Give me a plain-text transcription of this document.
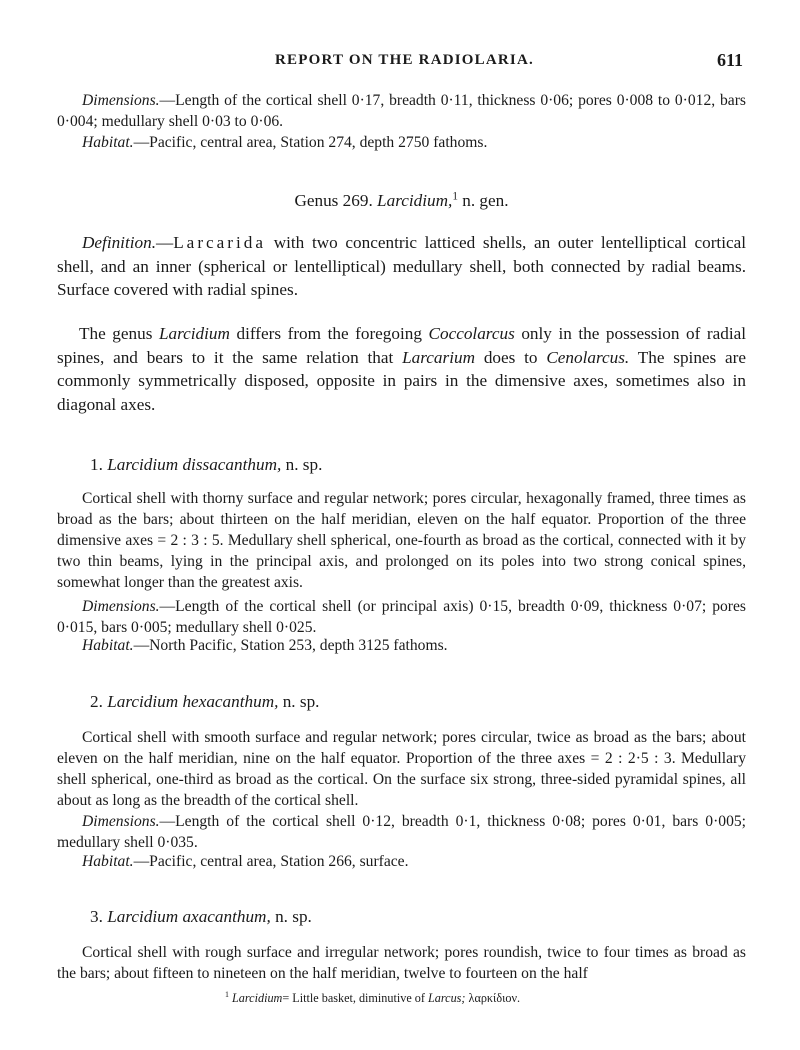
REPORT ON THE RADIOLARIA.	611

Dimensions.—Length of the cortical shell 0·17, breadth 0·11, thickness 0·06; pores 0·008 to 0·012, bars 0·004; medullary shell 0·03 to 0·06.

Habitat.—Pacific, central area, Station 274, depth 2750 fathoms.

Genus 269. Larcidium,$^1$ n. gen.

Definition.—Larcarida with two concentric latticed shells, an outer lentelliptical cortical shell, and an inner (spherical or lentelliptical) medullary shell, both connected by radial beams. Surface covered with radial spines.

The genus Larcidium differs from the foregoing Coccolarcus only in the possession of radial spines, and bears to it the same relation that Larcarium does to Cenolarcus. The spines are commonly symmetrically disposed, opposite in pairs in the dimensive axes, sometimes also in diagonal axes.

1. Larcidium dissacanthum, n. sp.

Cortical shell with thorny surface and regular network; pores circular, hexagonally framed, three times as broad as the bars; about thirteen on the half meridian, eleven on the half equator. Proportion of the three dimensive axes = 2 : 3 : 5. Medullary shell spherical, one-fourth as broad as the cortical, connected with it by two thin beams, lying in the principal axis, and prolonged on its poles into two strong conical spines, somewhat longer than the greatest axis.

Dimensions.—Length of the cortical shell (or principal axis) 0·15, breadth 0·09, thickness 0·07; pores 0·015, bars 0·005; medullary shell 0·025.

Habitat.—North Pacific, Station 253, depth 3125 fathoms.

2. Larcidium hexacanthum, n. sp.

Cortical shell with smooth surface and regular network; pores circular, twice as broad as the bars; about eleven on the half meridian, nine on the half equator. Proportion of the three axes = 2 : 2·5 : 3. Medullary shell spherical, one-third as broad as the cortical. On the surface six strong, three-sided pyramidal spines, all about as long as the breadth of the cortical shell.

Dimensions.—Length of the cortical shell 0·12, breadth 0·1, thickness 0·08; pores 0·01, bars 0·005; medullary shell 0·035.

Habitat.—Pacific, central area, Station 266, surface.

3. Larcidium axacanthum, n. sp.

Cortical shell with rough surface and irregular network; pores roundish, twice to four times as broad as the bars; about fifteen to nineteen on the half meridian, twelve to fourteen on the half

$^1$ Larcidium= Little basket, diminutive of Larcus; λαρκίδιον.
